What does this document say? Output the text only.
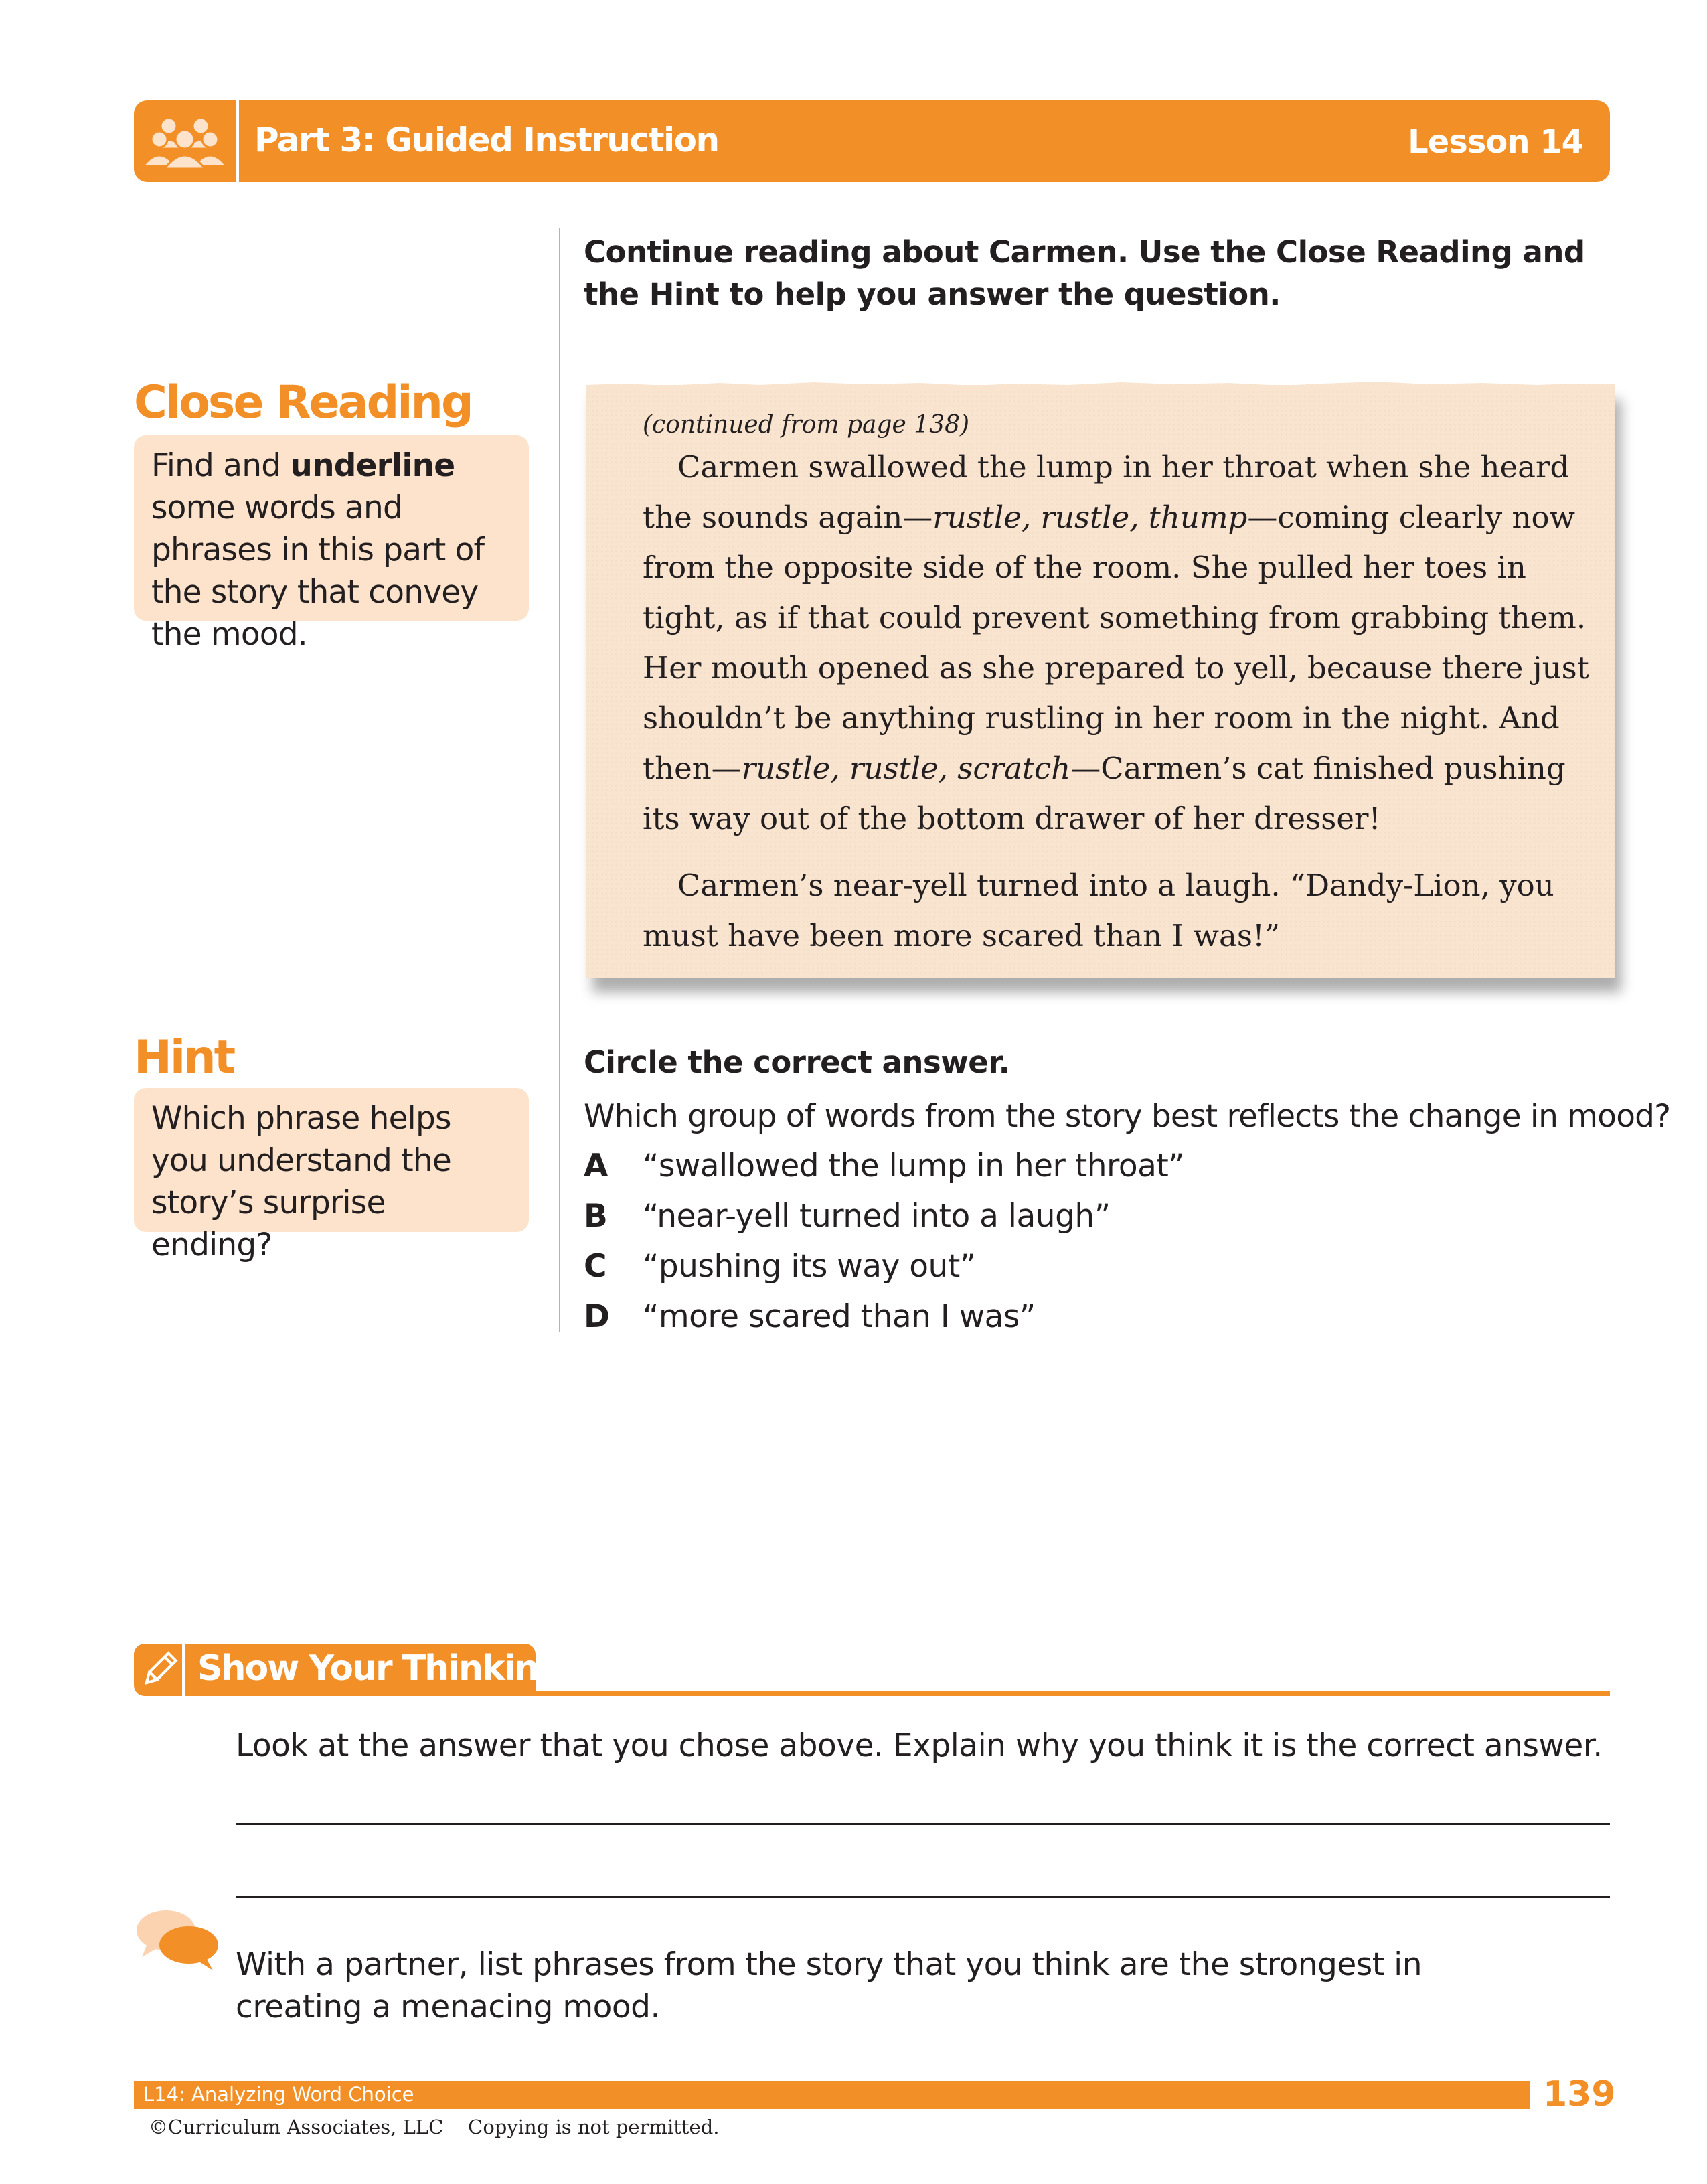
Part 3: Guided Instruction	Lesson 14
Continue reading about Carmen. Use the Close Reading and the Hint to help you answer the question.
Close Reading
Find and underline some words and phrases in this part of the story that convey the mood.
Hint
Which phrase helps you understand the story’s surprise ending?
(continued from page 138)

Carmen swallowed the lump in her throat when she heard the sounds again—rustle, rustle, thump—coming clearly now from the opposite side of the room. She pulled her toes in tight, as if that could prevent something from grabbing them. Her mouth opened as she prepared to yell, because there just shouldn’t be anything rustling in her room in the night. And then—rustle, rustle, scratch—Carmen’s cat finished pushing its way out of the bottom drawer of her dresser!

Carmen’s near-yell turned into a laugh. “Dandy-Lion, you must have been more scared than I was!”

Circle the correct answer.
Which group of words from the story best reflects the change in mood?
A “swallowed the lump in her throat”
B “near-yell turned into a laugh”
C “pushing its way out”
D “more scared than I was”
Show Your Thinking
Look at the answer that you chose above. Explain why you think it is the correct answer.
With a partner, list phrases from the story that you think are the strongest in creating a menacing mood.
L14: Analyzing Word Choice	139
©Curriculum Associates, LLC    Copying is not permitted.
